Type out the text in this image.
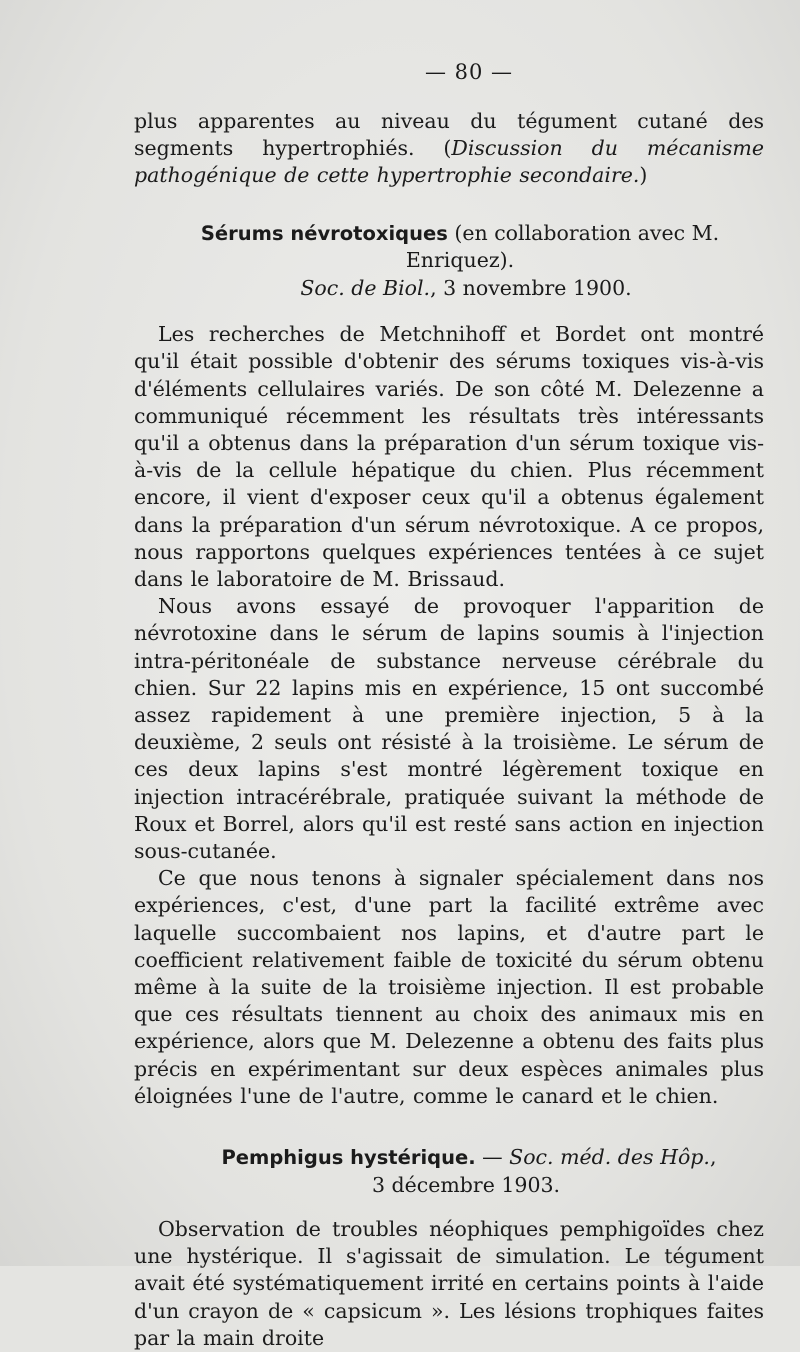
— 80 —

plus apparentes au niveau du tégument cutané des segments hypertrophiés. (Discussion du mécanisme pathogénique de cette hypertrophie secondaire.)

Sérums névrotoxiques (en collaboration avec M. Enriquez).

Soc. de Biol., 3 novembre 1900.

Les recherches de Metchnihoff et Bordet ont montré qu'il était possible d'obtenir des sérums toxiques vis-à-vis d'éléments cellulaires variés. De son côté M. Delezenne a communiqué récemment les résultats très intéressants qu'il a obtenus dans la préparation d'un sérum toxique vis-à-vis de la cellule hépatique du chien. Plus récemment encore, il vient d'exposer ceux qu'il a obtenus également dans la préparation d'un sérum névrotoxique. A ce propos, nous rapportons quelques expériences tentées à ce sujet dans le laboratoire de M. Brissaud.

Nous avons essayé de provoquer l'apparition de névrotoxine dans le sérum de lapins soumis à l'injection intra-péritonéale de substance nerveuse cérébrale du chien. Sur 22 lapins mis en expérience, 15 ont succombé assez rapidement à une première injection, 5 à la deuxième, 2 seuls ont résisté à la troisième. Le sérum de ces deux lapins s'est montré légèrement toxique en injection intracérébrale, pratiquée suivant la méthode de Roux et Borrel, alors qu'il est resté sans action en injection sous-cutanée.

Ce que nous tenons à signaler spécialement dans nos expériences, c'est, d'une part la facilité extrême avec laquelle succombaient nos lapins, et d'autre part le coefficient relativement faible de toxicité du sérum obtenu même à la suite de la troisième injection. Il est probable que ces résultats tiennent au choix des animaux mis en expérience, alors que M. Delezenne a obtenu des faits plus précis en expérimentant sur deux espèces animales plus éloignées l'une de l'autre, comme le canard et le chien.

Pemphigus hystérique. — Soc. méd. des Hôp.,

3 décembre 1903.

Observation de troubles néophiques pemphigoïdes chez une hystérique. Il s'agissait de simulation. Le tégument avait été systématiquement irrité en certains points à l'aide d'un crayon de « capsicum ». Les lésions trophiques faites par la main droite
